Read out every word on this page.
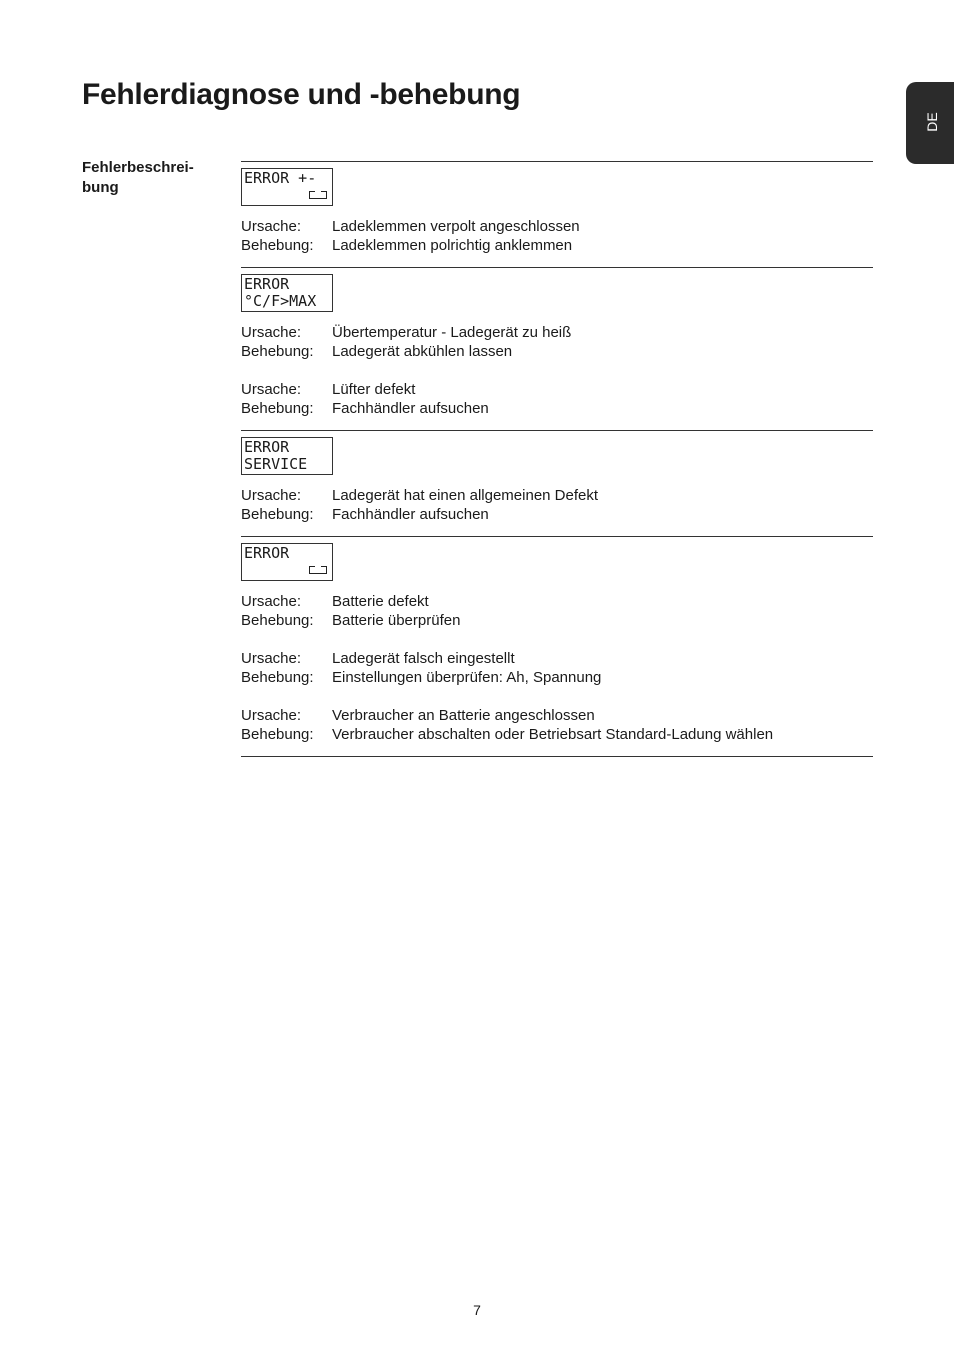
Fehlerdiagnose und -behebung
DE
Fehlerbeschrei-
bung
ERROR +-
Ursache:	Ladeklemmen verpolt angeschlossen
Behebung:	Ladeklemmen polrichtig anklemmen
ERROR
°C/F>MAX
Ursache:	Übertemperatur - Ladegerät zu heiß
Behebung:	Ladegerät abkühlen lassen
Ursache:	Lüfter defekt
Behebung:	Fachhändler aufsuchen
ERROR
SERVICE
Ursache:	Ladegerät hat einen allgemeinen Defekt
Behebung:	Fachhändler aufsuchen
ERROR
Ursache:	Batterie defekt
Behebung:	Batterie überprüfen
Ursache:	Ladegerät falsch eingestellt
Behebung:	Einstellungen überprüfen: Ah, Spannung
Ursache:	Verbraucher an Batterie angeschlossen
Behebung:	Verbraucher abschalten oder Betriebsart Standard-Ladung wählen
7
